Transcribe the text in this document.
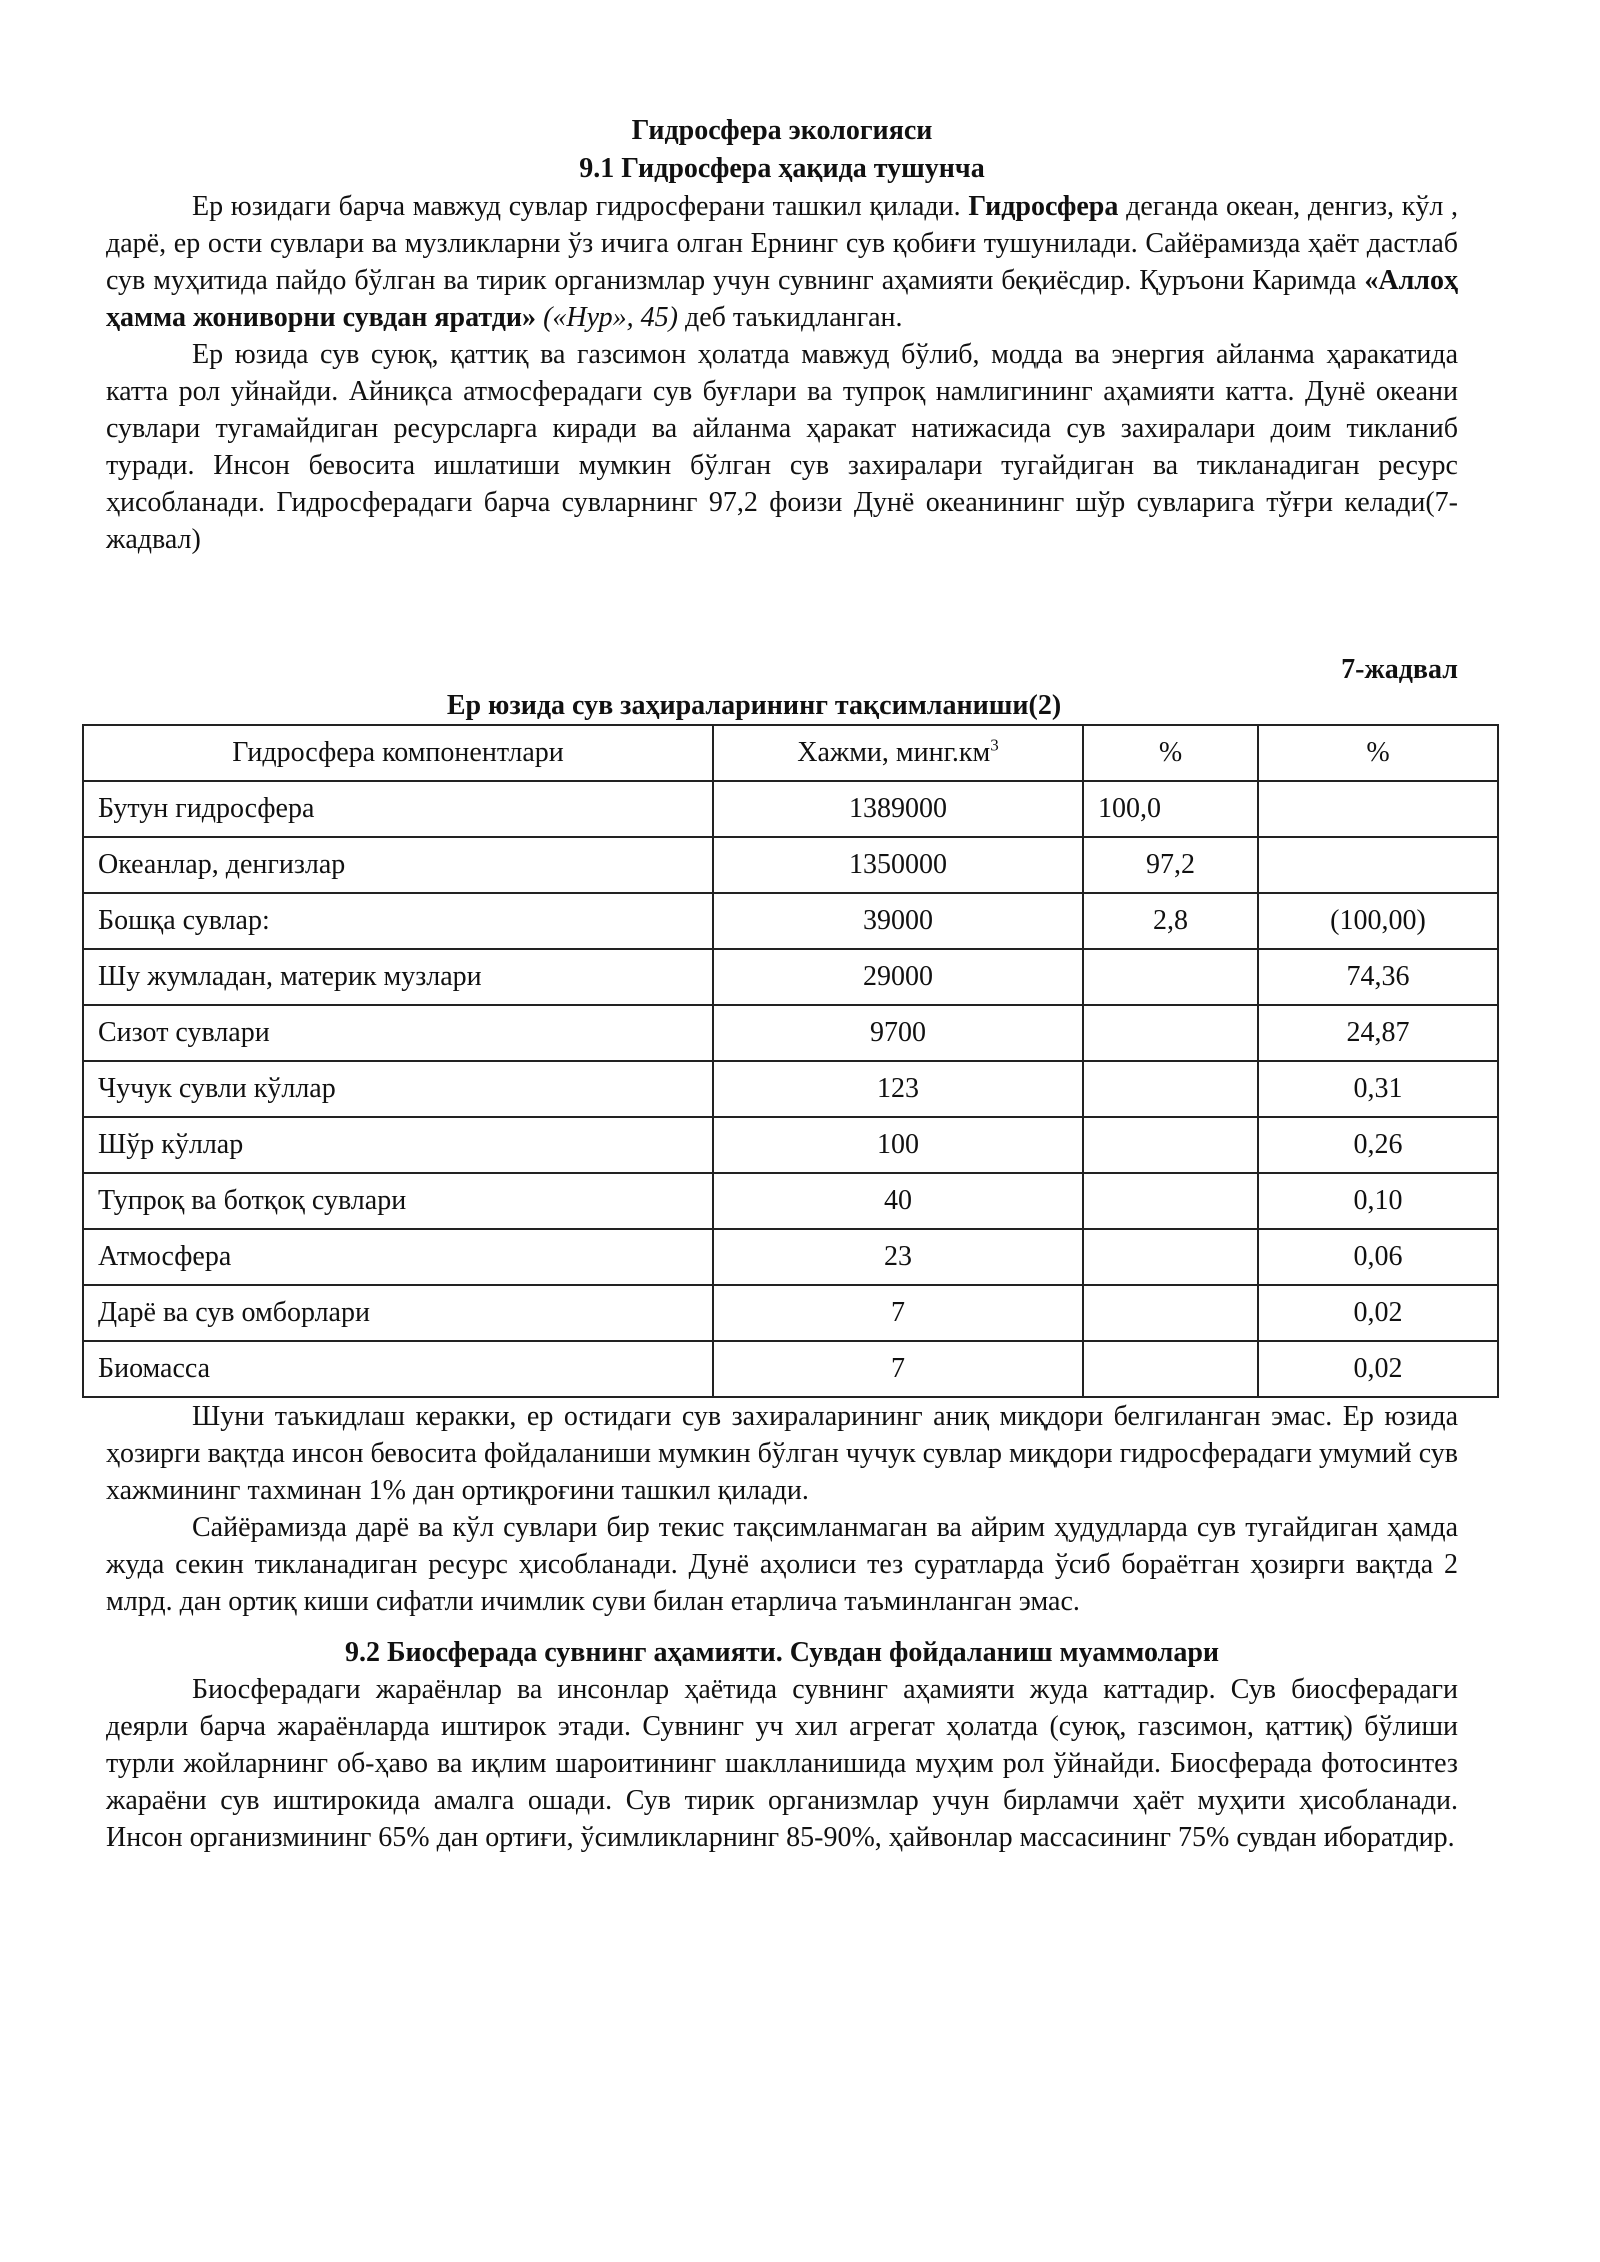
Гидросфера экологияси
9.1 Гидросфера ҳақида тушунча

Ер юзидаги барча мавжуд сувлар гидросферани ташкил қилади. Гидросфера деганда океан, денгиз, кўл , дарё, ер ости сувлари ва музликларни ўз ичига олган Ернинг сув қобиғи тушунилади. Сайёрамизда ҳаёт дастлаб сув муҳитида пайдо бўлган ва тирик организмлар учун сувнинг аҳамияти беқиёсдир. Қуръони Каримда «Аллоҳ ҳамма жониворни сувдан яратди» («Нур», 45) деб таъкидланган.

Ер юзида сув суюқ, қаттиқ ва газсимон ҳолатда мавжуд бўлиб, модда ва энергия айланма ҳаракатида катта рол уйнайди. Айниқса атмосферадаги сув буғлари ва тупроқ намлигининг аҳамияти катта. Дунё океани сувлари тугамайдиган ресурсларга киради ва айланма ҳаракат натижасида сув захиралари доим тикланиб туради. Инсон бевосита ишлатиши мумкин бўлган сув захиралари тугайдиган ва тикланадиган ресурс ҳисобланади. Гидросферадаги барча сувларнинг 97,2 фоизи Дунё океанининг шўр сувларига тўғри келади(7-жадвал)

7-жадвал
Ер юзида сув заҳираларининг тақсимланиши(2)
Гидросфера компонентлари	Хажми, $минг.км^3$	%	%
Бутун гидросфера	1389000	100,0	
Океанлар, денгизлар	1350000	97,2	
Бошқа сувлар:	39000	2,8	(100,00)
Шу жумладан, материк музлари	29000		74,36
Сизот сувлари	9700		24,87
Чучук сувли кўллар	123		0,31
Шўр кўллар	100		0,26
Тупроқ ва ботқоқ сувлари	40		0,10
Атмосфера	23		0,06
Дарё ва сув омборлари	7		0,02
Биомасса	7		0,02

Шуни таъкидлаш керакки, ер остидаги сув захираларининг аниқ миқдори белгиланган эмас. Ер юзида ҳозирги вақтда инсон бевосита фойдаланиши мумкин бўлган чучук сувлар миқдори гидросферадаги умумий сув хажмининг тахминан 1% дан ортиқроғини ташкил қилади.

Сайёрамизда дарё ва кўл сувлари бир текис тақсимланмаган ва айрим ҳудудларда сув тугайдиган ҳамда жуда секин тикланадиган ресурс ҳисобланади. Дунё аҳолиси тез суратларда ўсиб бораётган ҳозирги вақтда 2 млрд. дан ортиқ киши сифатли ичимлик суви билан етарлича таъминланган эмас.

9.2 Биосферада сувнинг аҳамияти. Сувдан фойдаланиш муаммолари

Биосферадаги жараёнлар ва инсонлар ҳаётида сувнинг аҳамияти жуда каттадир. Сув биосферадаги деярли барча жараёнларда иштирок этади. Сувнинг уч хил агрегат ҳолатда (суюқ, газсимон, қаттиқ) бўлиши турли жойларнинг об-ҳаво ва иқлим шароитининг шаклланишида муҳим рол ўйнайди. Биосферада фотосинтез жараёни сув иштирокида амалга ошади. Сув тирик организмлар учун бирламчи ҳаёт муҳити ҳисобланади. Инсон организмининг 65% дан ортиғи, ўсимликларнинг 85-90%, ҳайвонлар массасининг 75% сувдан иборатдир.
